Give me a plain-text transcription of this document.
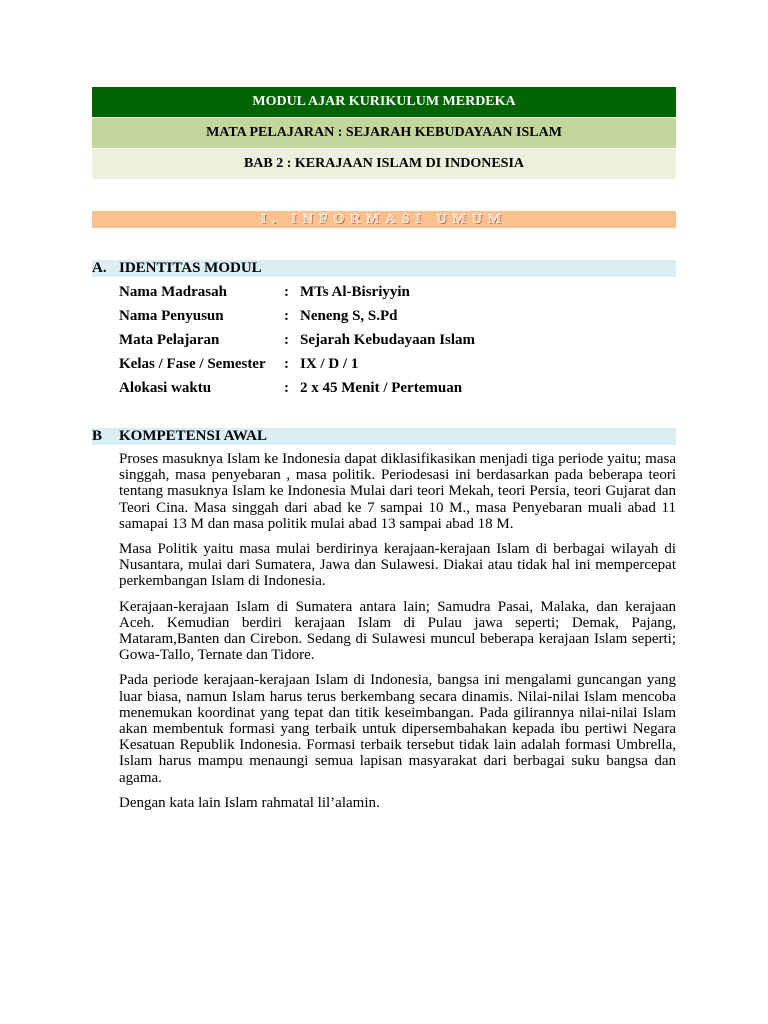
MODUL AJAR KURIKULUM MERDEKA
MATA PELAJARAN : SEJARAH KEBUDAYAAN ISLAM
BAB 2 : KERAJAAN ISLAM DI INDONESIA
I. INFORMASI UMUM
A. IDENTITAS MODUL
Nama Madrasah	: MTs Al-Bisriyyin
Nama Penyusun	: Neneng S, S.Pd
Mata Pelajaran	: Sejarah Kebudayaan Islam
Kelas / Fase / Semester	: IX / D / 1
Alokasi waktu	: 2 x 45 Menit / Pertemuan
B KOMPETENSI AWAL

Proses masuknya Islam ke Indonesia dapat diklasifikasikan menjadi tiga periode yaitu; masa singgah, masa penyebaran , masa politik. Periodesasi ini berdasarkan pada beberapa teori tentang masuknya Islam ke Indonesia Mulai dari teori Mekah, teori Persia, teori Gujarat dan Teori Cina. Masa singgah dari abad ke 7 sampai 10 M., masa Penyebaran muali abad 11 samapai 13 M dan masa politik mulai abad 13 sampai abad 18 M.

Masa Politik yaitu masa mulai berdirinya kerajaan-kerajaan Islam di berbagai wilayah di Nusantara, mulai dari Sumatera, Jawa dan Sulawesi. Diakai atau tidak hal ini mempercepat perkembangan Islam di Indonesia.

Kerajaan-kerajaan Islam di Sumatera antara lain; Samudra Pasai, Malaka, dan kerajaan Aceh. Kemudian berdiri kerajaan Islam di Pulau jawa seperti; Demak, Pajang, Mataram,Banten dan Cirebon. Sedang di Sulawesi muncul beberapa kerajaan Islam seperti; Gowa-Tallo, Ternate dan Tidore.

Pada periode kerajaan-kerajaan Islam di Indonesia, bangsa ini mengalami guncangan yang luar biasa, namun Islam harus terus berkembang secara dinamis. Nilai-nilai Islam mencoba menemukan koordinat yang tepat dan titik keseimbangan. Pada gilirannya nilai-nilai Islam akan membentuk formasi yang terbaik untuk dipersembahakan kepada ibu pertiwi Negara Kesatuan Republik Indonesia. Formasi terbaik tersebut tidak lain adalah formasi Umbrella, Islam harus mampu menaungi semua lapisan masyarakat dari berbagai suku bangsa dan agama.

Dengan kata lain Islam rahmatal lil’alamin.
